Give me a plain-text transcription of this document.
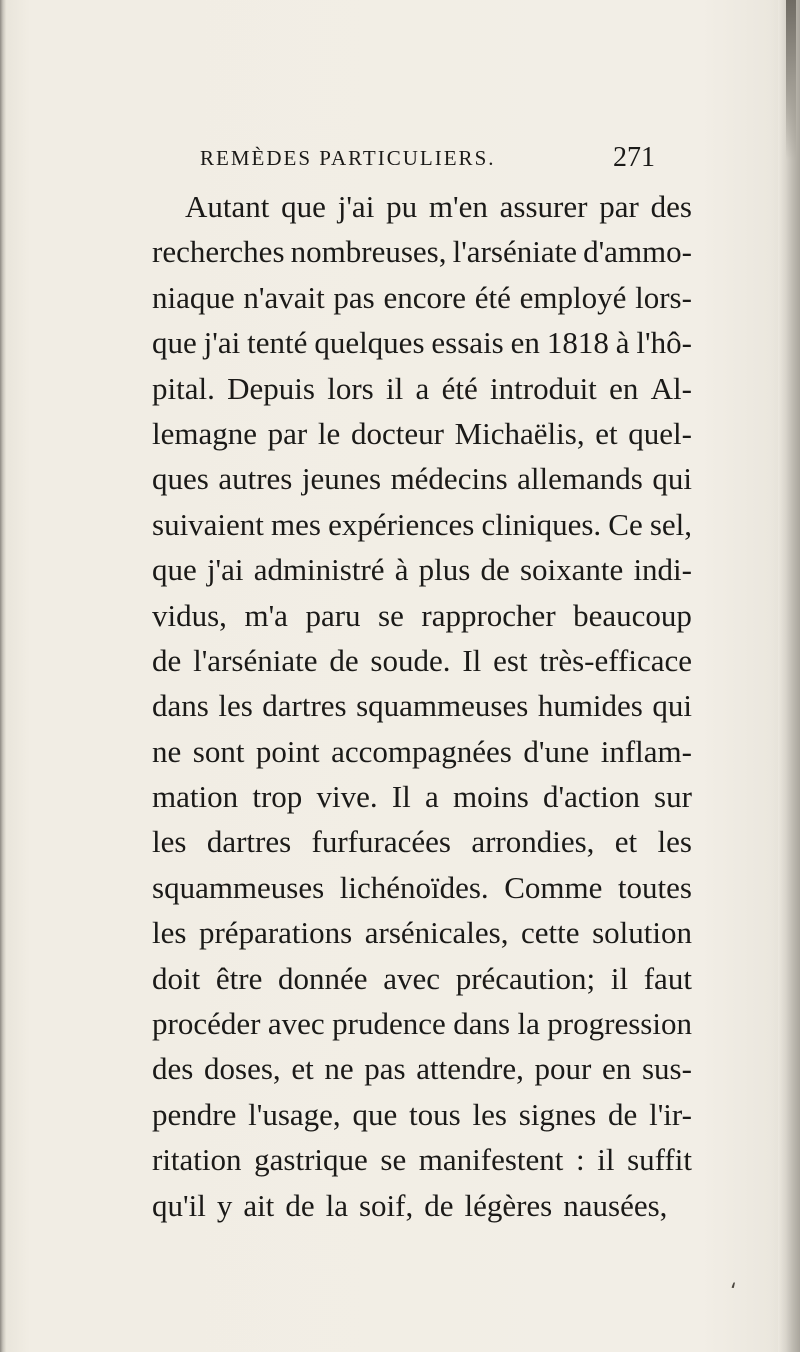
REMÈDES PARTICULIERS.	271
Autant que j'ai pu m'en assurer par des
recherches nombreuses, l'arséniate d'ammo-
niaque n'avait pas encore été employé lors-
que j'ai tenté quelques essais en 1818 à l'hô-
pital. Depuis lors il a été introduit en Al-
lemagne par le docteur Michaëlis, et quel-
ques autres jeunes médecins allemands qui
suivaient mes expériences cliniques. Ce sel,
que j'ai administré à plus de soixante indi-
vidus, m'a paru se rapprocher beaucoup
de l'arséniate de soude. Il est très-efficace
dans les dartres squammeuses humides qui
ne sont point accompagnées d'une inflam-
mation trop vive. Il a moins d'action sur
les dartres furfuracées arrondies, et les
squammeuses lichénoïdes. Comme toutes
les préparations arsénicales, cette solution
doit être donnée avec précaution; il faut
procéder avec prudence dans la progression
des doses, et ne pas attendre, pour en sus-
pendre l'usage, que tous les signes de l'ir-
ritation gastrique se manifestent : il suffit
qu'il y ait de la soif, de légères nausées,
⸲
